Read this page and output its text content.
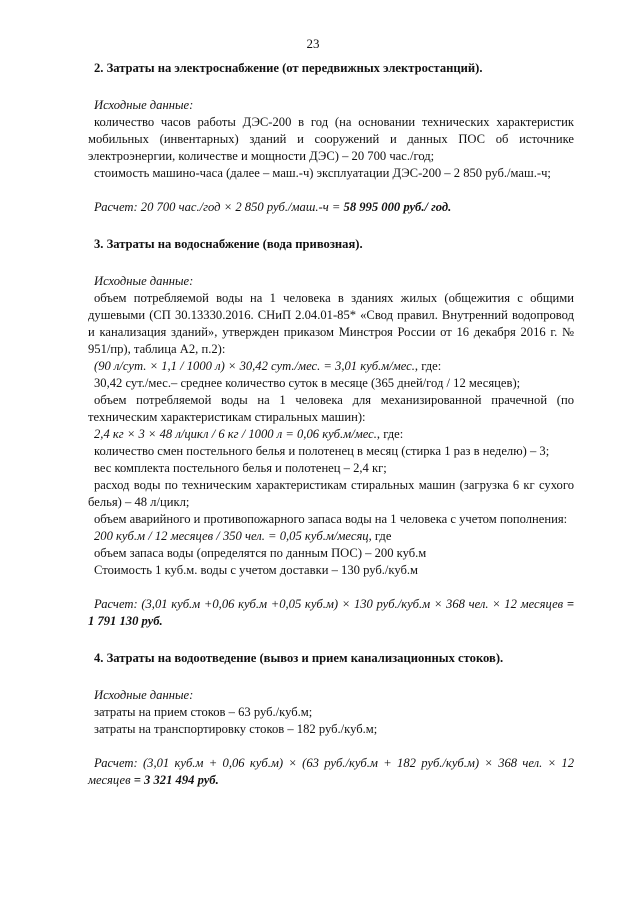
23

2. Затраты на электроснабжение (от передвижных электростанций).

Исходные данные:

количество часов работы ДЭС-200 в год (на основании технических характеристик мобильных (инвентарных) зданий и сооружений и данных ПОС об источнике электроэнергии, количестве и мощности ДЭС) – 20 700 час./год;

стоимость машино-часа (далее – маш.-ч) эксплуатации ДЭС-200 – 2 850 руб./маш.-ч;

Расчет: 20 700 час./год × 2 850 руб./маш.-ч = 58 995 000 руб./ год.

3. Затраты на водоснабжение (вода привозная).

Исходные данные:

объем потребляемой воды на 1 человека в зданиях жилых (общежития с общими душевыми (СП 30.13330.2016. СНиП 2.04.01-85* «Свод правил. Внутренний водопровод и канализация зданий», утвержден приказом Минстроя России от 16 декабря 2016 г. № 951/пр), таблица А2, п.2):

(90 л/сут. × 1,1 / 1000 л) × 30,42 сут./мес. = 3,01 куб.м/мес., где:

30,42 сут./мес.– среднее количество суток в месяце (365 дней/год / 12 месяцев);

объем потребляемой воды на 1 человека для механизированной прачечной (по техническим характеристикам стиральных машин):

2,4 кг × 3 × 48 л/цикл / 6 кг / 1000 л = 0,06 куб.м/мес., где:

количество смен постельного белья и полотенец в месяц (стирка 1 раз в неделю) – 3;

вес комплекта постельного белья и полотенец – 2,4 кг;

расход воды по техническим характеристикам стиральных машин (загрузка 6 кг сухого белья) – 48 л/цикл;

объем аварийного и противопожарного запаса воды на 1 человека с учетом пополнения:

200 куб.м / 12 месяцев / 350 чел. = 0,05 куб.м/месяц, где

объем запаса воды (определятся по данным ПОС) – 200 куб.м

Стоимость 1 куб.м. воды с учетом доставки – 130 руб./куб.м

Расчет: (3,01 куб.м +0,06 куб.м +0,05 куб.м) × 130 руб./куб.м × 368 чел. × 12 месяцев = 1 791 130 руб.

4. Затраты на водоотведение (вывоз и прием канализационных стоков).

Исходные данные:

затраты на прием стоков – 63 руб./куб.м;

затраты на транспортировку стоков – 182 руб./куб.м;

Расчет: (3,01 куб.м + 0,06 куб.м) × (63 руб./куб.м + 182 руб./куб.м) × 368 чел. × 12 месяцев = 3 321 494 руб.
